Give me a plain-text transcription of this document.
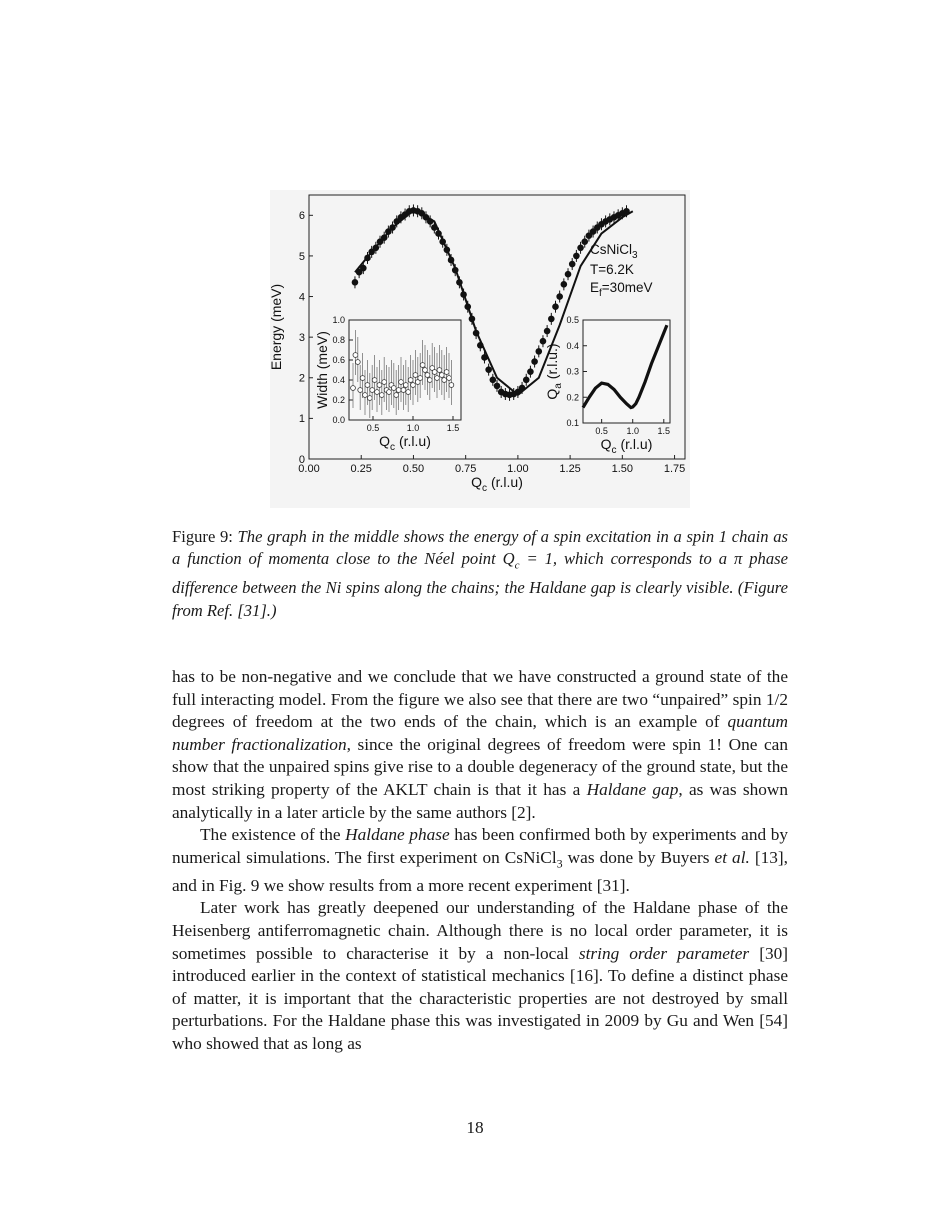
0.00	0.25	0.50	0.75	1.00	1.25	1.50	1.75
0
1
2
3
4
5
6
$Q_c$ (r.l.u)
Energy (meV)
0.5	1.0	1.5
0.0
0.2
0.4
0.6
0.8
1.0
$Q_c$ (r.l.u)
Width (meV)
0.5 1.0 1.5
0.1
0.2
0.3
0.4
0.5
$Q_c$ (r.l.u)
$Q_a$ (r.l.u.)
CsNiCl$_3$
T=6.2K
$E_f=30meV$
Figure 9: The graph in the middle shows the energy of a spin excitation in a spin 1 chain as a function of momenta close to the Néel point $Q_c = 1$, which corresponds to a π phase difference between the Ni spins along the chains; the Haldane gap is clearly visible. (Figure from Ref. [31].)

has to be non-negative and we conclude that we have constructed a ground state of the full interacting model. From the figure we also see that there are two “unpaired” spin 1/2 degrees of freedom at the two ends of the chain, which is an example of quantum number fractionalization, since the original degrees of freedom were spin 1! One can show that the unpaired spins give rise to a double degeneracy of the ground state, but the most striking property of the AKLT chain is that it has a Haldane gap, as was shown analytically in a later article by the same authors [2].

The existence of the Haldane phase has been confirmed both by experiments and by numerical simulations. The first experiment on CsNiCl$_3$ was done by Buyers et al. [13], and in Fig. 9 we show results from a more recent experiment [31].

Later work has greatly deepened our understanding of the Haldane phase of the Heisenberg antiferromagnetic chain. Although there is no local order parameter, it is sometimes possible to characterise it by a non-local string order parameter [30] introduced earlier in the context of statistical mechanics [16]. To define a distinct phase of matter, it is important that the characteristic properties are not destroyed by small perturbations. For the Haldane phase this was investigated in 2009 by Gu and Wen [54] who showed that as long as

18
